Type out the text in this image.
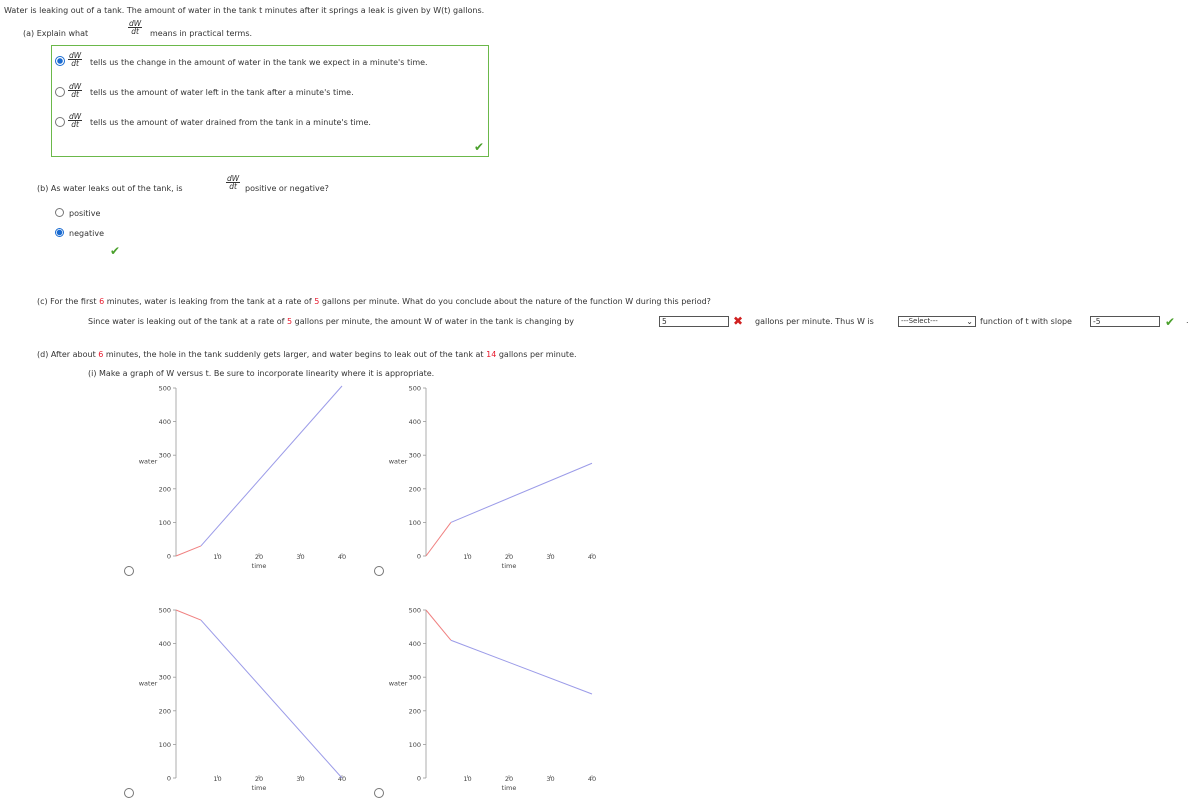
Water is leaking out of a tank. The amount of water in the tank t minutes after it springs a leak is given by W(t) gallons.
(a) Explain what	$\frac{dW}{dt}$ means in practical terms.
$\frac{dW}{dt}$ tells us the change in the amount of water in the tank we expect in a minute's time.
$\frac{dW}{dt}$ tells us the amount of water left in the tank after a minute's time.
$\frac{dW}{dt}$ tells us the amount of water drained from the tank in a minute's time.
✔
(b) As water leaks out of the tank, is	$\frac{dW}{dt}$ positive or negative?
positive
negative
✔
(c) For the first 6 minutes, water is leaking from the tank at a rate of 5 gallons per minute. What do you conclude about the nature of the function W during this period?
Since water is leaking out of the tank at a rate of 5 gallons per minute, the amount W of water in the tank is changing by	5	✖ gallons per minute. Thus W is	---Select---	⌄ function of t with slope	-5	✔ .
(d) After about 6 minutes, the hole in the tank suddenly gets larger, and water begins to leak out of the tank at 14 gallons per minute.
(i) Make a graph of W versus t. Be sure to incorporate linearity where it is appropriate.
0
100
200
300
400
500
10	20	30	40
time
water
0
100
200
300
400
500
10	20	30	40
time
water
0
100
200
300
400
500
10	20	30	40
time
water
0
100
200
300
400
500
10	20	30	40
time
water
